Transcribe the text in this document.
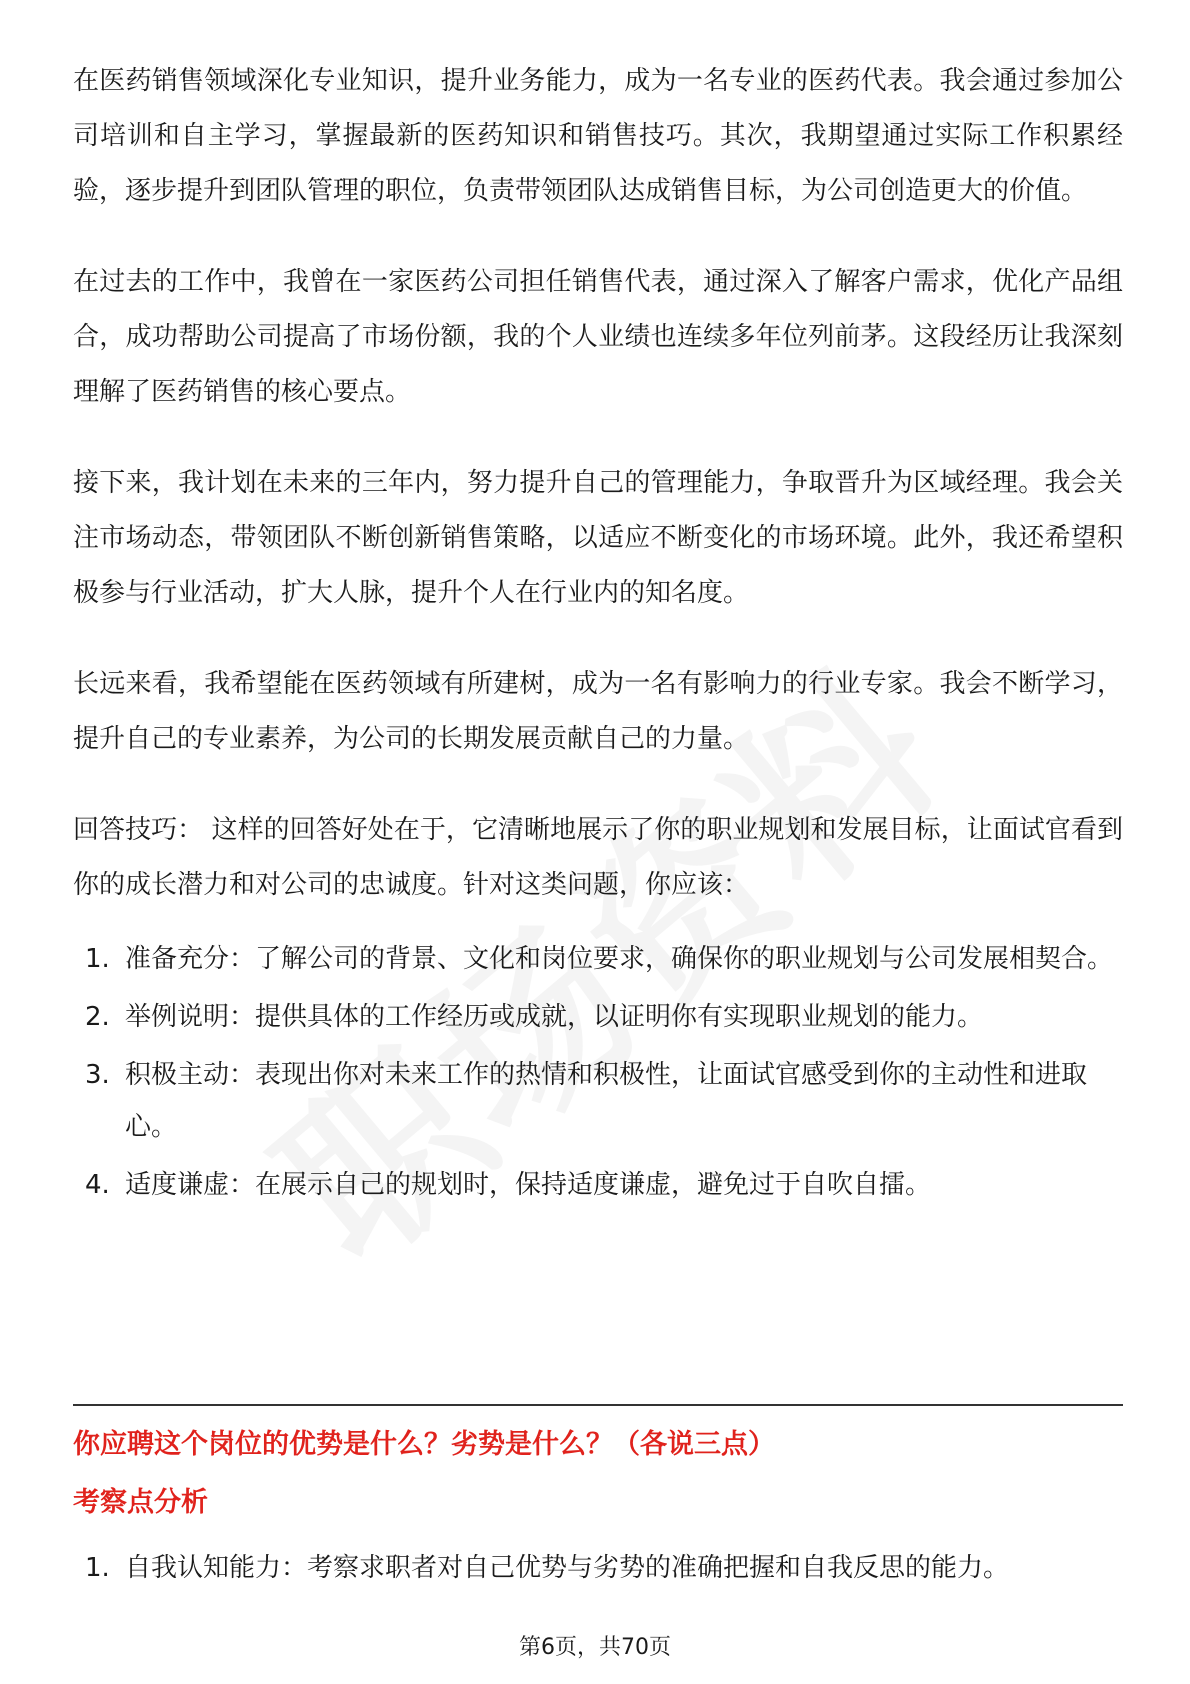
在医药销售领域深化专业知识，提升业务能力，成为一名专业的医药代表。我会通过参加公司培训和自主学习，掌握最新的医药知识和销售技巧。其次，我期望通过实际工作积累经验，逐步提升到团队管理的职位，负责带领团队达成销售目标，为公司创造更大的价值。

在过去的工作中，我曾在一家医药公司担任销售代表，通过深入了解客户需求，优化产品组合，成功帮助公司提高了市场份额，我的个人业绩也连续多年位列前茅。这段经历让我深刻理解了医药销售的核心要点。

接下来，我计划在未来的三年内，努力提升自己的管理能力，争取晋升为区域经理。我会关注市场动态，带领团队不断创新销售策略，以适应不断变化的市场环境。此外，我还希望积极参与行业活动，扩大人脉，提升个人在行业内的知名度。

长远来看，我希望能在医药领域有所建树，成为一名有影响力的行业专家。我会不断学习，提升自己的专业素养，为公司的长期发展贡献自己的力量。

回答技巧： 这样的回答好处在于，它清晰地展示了你的职业规划和发展目标，让面试官看到你的成长潜力和对公司的忠诚度。针对这类问题，你应该：

1. 准备充分：了解公司的背景、文化和岗位要求，确保你的职业规划与公司发展相契合。
2. 举例说明：提供具体的工作经历或成就，以证明你有实现职业规划的能力。
3. 积极主动：表现出你对未来工作的热情和积极性，让面试官感受到你的主动性和进取心。
4. 适度谦虚：在展示自己的规划时，保持适度谦虚，避免过于自吹自擂。
你应聘这个岗位的优势是什么？劣势是什么？（各说三点）
考察点分析
1. 自我认知能力：考察求职者对自己优势与劣势的准确把握和自我反思的能力。
第6页，共70页
